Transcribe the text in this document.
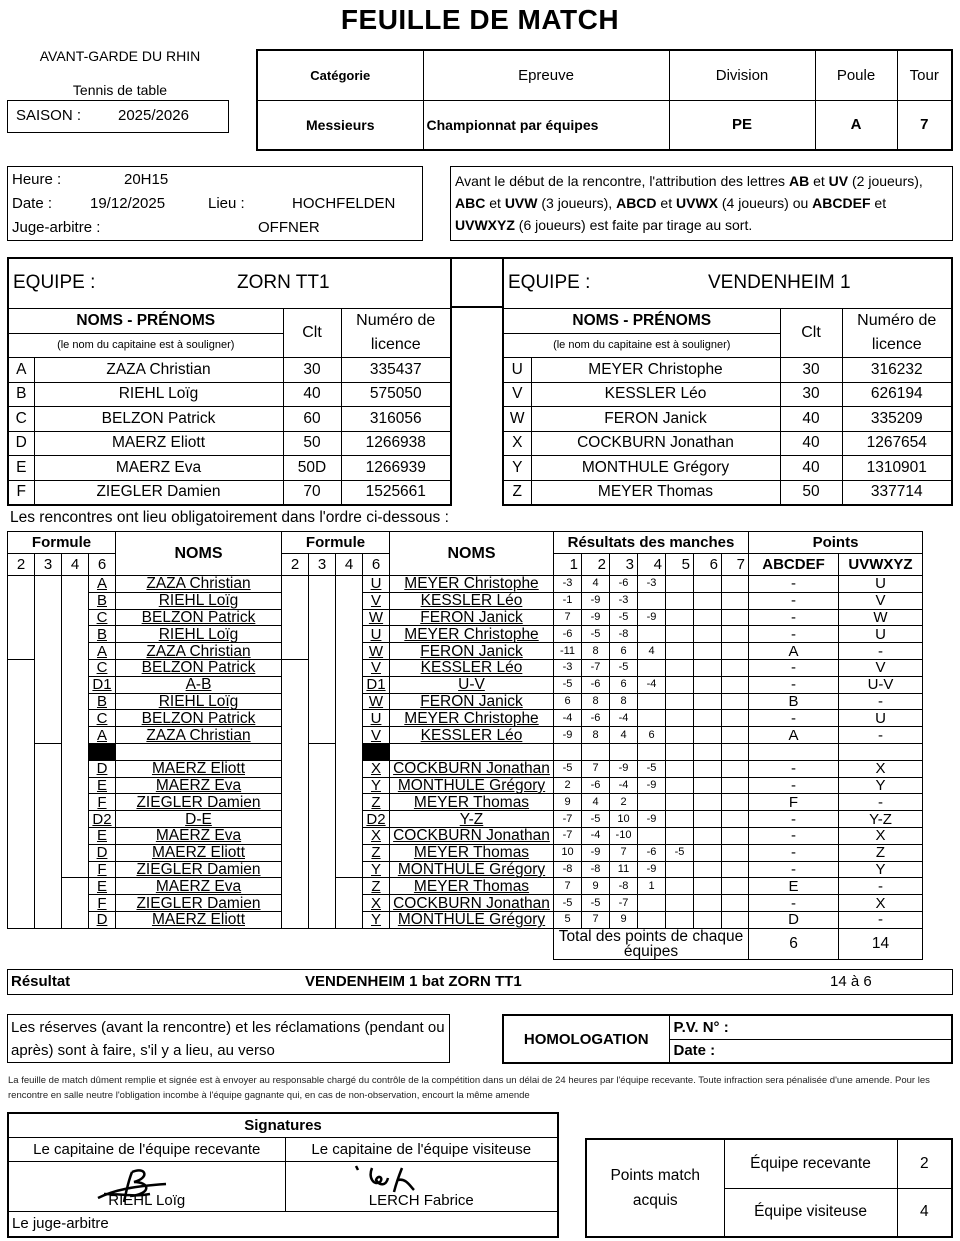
FEUILLE DE MATCH
AVANT-GARDE DU RHIN
Tennis de table
SAISON : 2025/2026
Catégorie	Epreuve	Division	Poule	Tour
Messieurs	Championnat par équipes	PE	A	7
Heure :	20H15
Date :	19/12/2025	Lieu :	HOCHFELDEN
Juge-arbitre :	OFFNER
Avant le début de la rencontre, l'attribution des lettres AB et UV (2 joueurs), ABC et UVW (3 joueurs), ABCD et UVWX (4 joueurs) ou ABCDEF et UVWXYZ (6 joueurs) est faite par tirage au sort.
EQUIPE : ZORN TT1			

NOMS - PRÉNOMS		Clt	Numéro de
(le nom du capitaine est à souligner)			licence
A	ZAZA Christian	30	335437
B	RIEHL Loïg	40	575050
C	BELZON Patrick	60	316056
D	MAERZ Eliott	50	1266938
E	MAERZ Eva	50D	1266939
F	ZIEGLER Damien	70	1525661
EQUIPE : VENDENHEIM 1			

NOMS - PRÉNOMS		Clt	Numéro de
(le nom du capitaine est à souligner)			licence
U	MEYER Christophe	30	316232
V	KESSLER Léo	30	626194
W	FERON Janick	40	335209
X	COCKBURN Jonathan	40	1267654
Y	MONTHULE Grégory	40	1310901
Z	MEYER Thomas	50	337714
Les rencontres ont lieu obligatoirement dans l'ordre ci-dessous :
Formule				NOMS	Formule				NOMS	Résultats des manches							Points	
2	3	4	6		2	3	4	6		1	2	3	4	5	6	7	ABCDEF	UVWXYZ
			A	ZAZA Christian				U	MEYER Christophe	-3	4	-6	-3				-	U
			B	RIEHL Loïg				V	KESSLER Léo	-1	-9	-3					-	V
			C	BELZON Patrick				W	FERON Janick	7	-9	-5	-9				-	W
			B	RIEHL Loïg				U	MEYER Christophe	-6	-5	-8					-	U
			A	ZAZA Christian				W	FERON Janick	-11	8	6	4				A	-
			C	BELZON Patrick				V	KESSLER Léo	-3	-7	-5					-	V
			D1	A-B				D1	U-V	-5	-6	6	-4				-	U-V
			B	RIEHL Loïg				W	FERON Janick	6	8	8					B	-
			C	BELZON Patrick				U	MEYER Christophe	-4	-6	-4					-	U
			A	ZAZA Christian				V	KESSLER Léo	-9	8	4	6				A	-

			D	MAERZ Eliott				X	COCKBURN Jonathan	-5	7	-9	-5				-	X
			E	MAERZ Eva				Y	MONTHULE Grégory	2	-6	-4	-9				-	Y
			F	ZIEGLER Damien				Z	MEYER Thomas	9	4	2					F	-
			D2	D-E				D2	Y-Z	-7	-5	10	-9				-	Y-Z
			E	MAERZ Eva				X	COCKBURN Jonathan	-7	-4	-10					-	X
			D	MAERZ Eliott				Z	MEYER Thomas	10	-9	7	-6	-5			-	Z
			F	ZIEGLER Damien				Y	MONTHULE Grégory	-8	-8	11	-9				-	Y
			E	MAERZ Eva				Z	MEYER Thomas	7	9	-8	1				E	-
			F	ZIEGLER Damien				X	COCKBURN Jonathan	-5	-5	-7					-	X
			D	MAERZ Eliott				Y	MONTHULE Grégory	5	7	9					D	-
										Total des points de chaque équipes							6	14
Résultat	VENDENHEIM 1 bat ZORN TT1	14 à 6
Les réserves (avant la rencontre) et les réclamations (pendant ou après) sont à faire, s'il y a lieu, au verso
HOMOLOGATION	P.V. N° :
Date :
La feuille de match dûment remplie et signée est à envoyer au responsable chargé du contrôle de la compétition dans un délai de 24 heures par l'équipe recevante. Toute infraction sera pénalisée d'une amende. Pour les rencontre en salle neutre l'obligation incombe à l'équipe gagnante qui, en cas de non-observation, encourt la même amende
Signatures	
Le capitaine de l'équipe recevante	Le capitaine de l'équipe visiteuse

RIEHL Loïg	LERCH Fabrice
Le juge-arbitre	
Points match
acquis	Équipe recevante	2
	Équipe visiteuse	4
